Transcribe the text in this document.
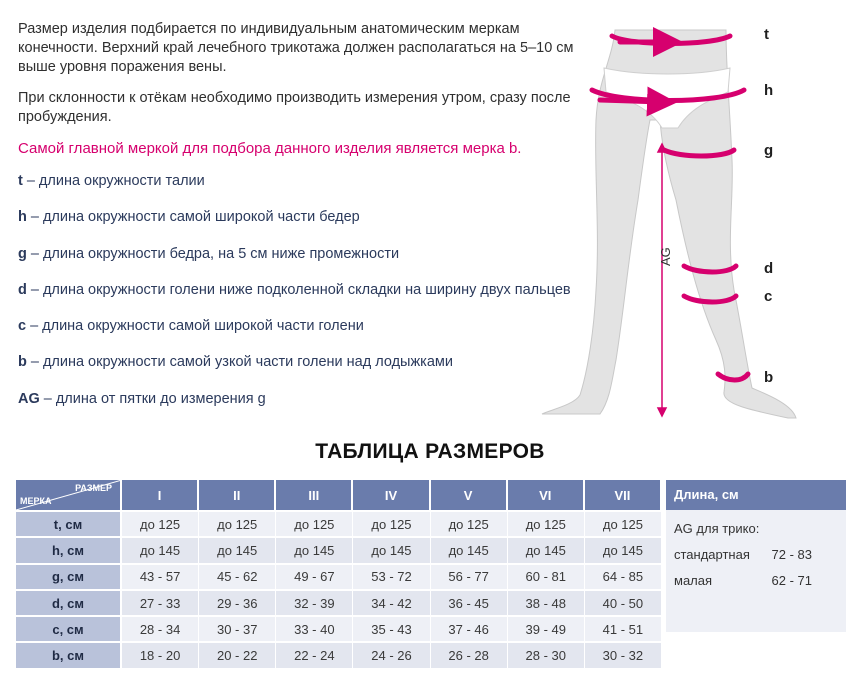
Размер изделия подбирается по индивидуальным анатомическим меркам конечности. Верхний край лечебного трикотажа должен располагаться на 5–10 см выше уровня поражения вены.

При склонности к отёкам необходимо производить измерения утром, сразу после пробуждения.

Самой главной меркой для подбора данного изделия является мерка b.
t – длина окружности талии
h – длина окружности самой широкой части бедер
g – длина окружности бедра, на 5 см ниже промежности
d – длина окружности голени ниже подколенной складки на ширину двух пальцев
c – длина окружности самой широкой части голени
b – длина окружности самой узкой части голени над лодыжками
AG – длина от пятки до измерения g
AG
t
h
g
d
c
b
ТАБЛИЦА РАЗМЕРОВ
РАЗМЕР
МЕРКА	I	II	III	IV	V	VI	VII
t, см	до 125	до 125	до 125	до 125	до 125	до 125	до 125
h, см	до 145	до 145	до 145	до 145	до 145	до 145	до 145
g, см	43 - 57	45 - 62	49 - 67	53 - 72	56 - 77	60 - 81	64 - 85
d, см	27 - 33	29 - 36	32 - 39	34 - 42	36 - 45	38 - 48	40 - 50
c, см	28 - 34	30 - 37	33 - 40	35 - 43	37 - 46	39 - 49	41 - 51
b, см	18 - 20	20 - 22	22 - 24	24 - 26	26 - 28	28 - 30	30 - 32
Длина, см
AG для трико:
стандартная 72 - 83
малая	62 - 71
